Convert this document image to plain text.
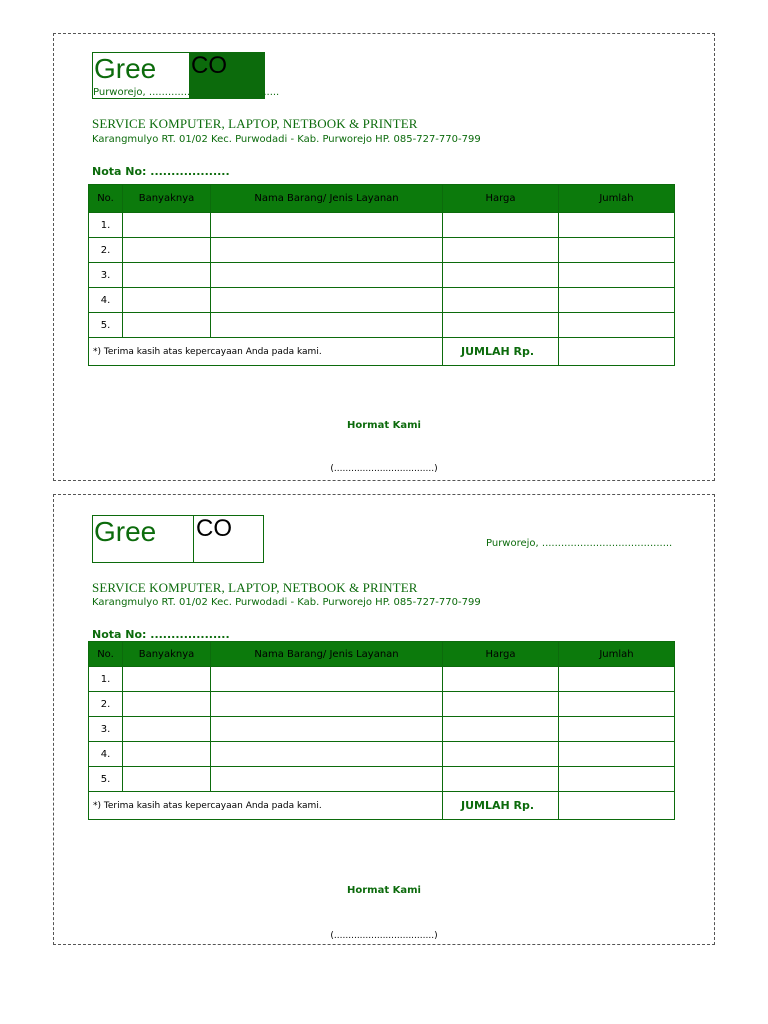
Gree CO
Purworejo, .........................................
SERVICE KOMPUTER, LAPTOP, NETBOOK & PRINTER
Karangmulyo RT. 01/02 Kec. Purwodadi - Kab. Purworejo HP. 085-727-770-799
Nota No: ...................
No.	Banyaknya	Nama Barang/ Jenis Layanan	Harga	Jumlah
1.				
2.				
3.				
4.				
5.				
*) Terima kasih atas kepercayaan Anda pada kami.			JUMLAH Rp.	
Hormat Kami
(...................................)
Gree CO
Purworejo, .........................................
SERVICE KOMPUTER, LAPTOP, NETBOOK & PRINTER
Karangmulyo RT. 01/02 Kec. Purwodadi - Kab. Purworejo HP. 085-727-770-799
Nota No: ...................
No.	Banyaknya	Nama Barang/ Jenis Layanan	Harga	Jumlah
1.				
2.				
3.				
4.				
5.				
*) Terima kasih atas kepercayaan Anda pada kami.			JUMLAH Rp.	
Hormat Kami
(...................................)
